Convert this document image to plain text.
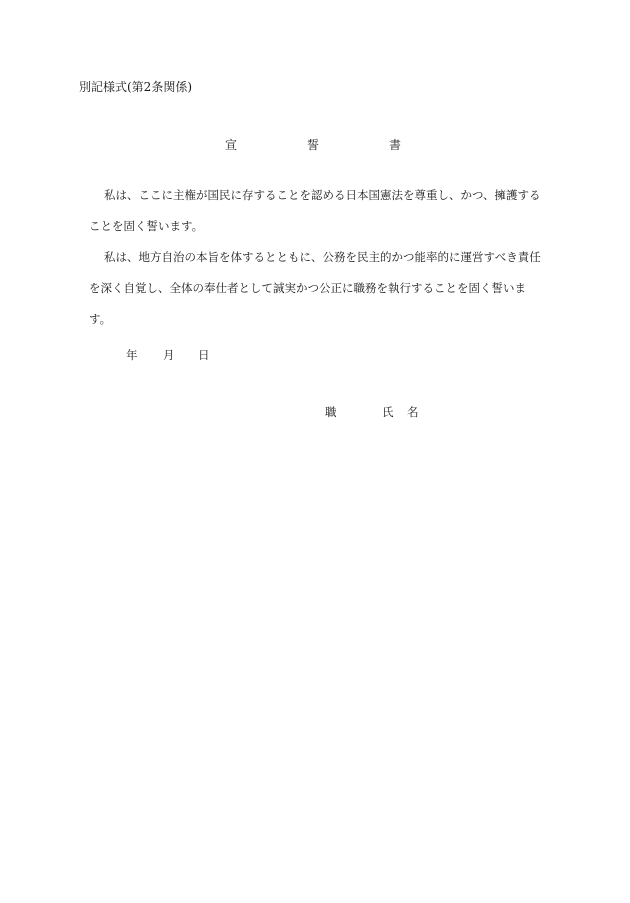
別記様式(第2条関係)
宣	誓	書
私は、ここに主権が国民に存することを認める日本国憲法を尊重し、かつ、擁護する
ことを固く誓います。
私は、地方自治の本旨を体するとともに、公務を民主的かつ能率的に運営すべき責任
を深く自覚し、全体の奉仕者として誠実かつ公正に職務を執行することを固く誓いま
す。
年 月 日
職	氏 名
